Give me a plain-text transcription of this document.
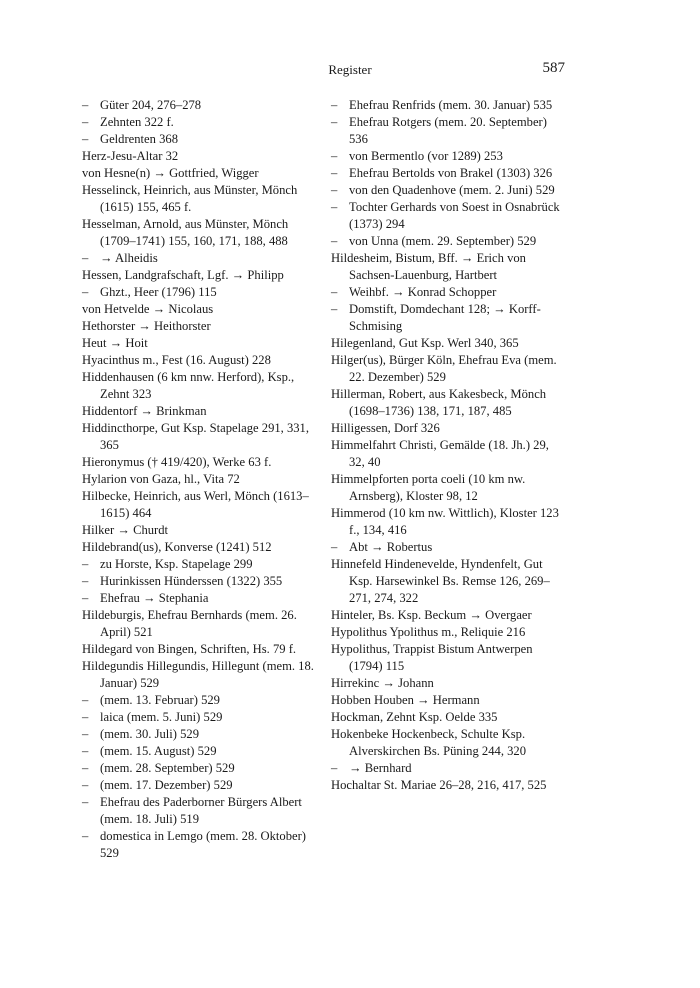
Register	587
– Güter 204, 276–278
– Zehnten 322 f.
– Geldrenten 368
Herz-Jesu-Altar 32
von Hesne(n) → Gottfried, Wigger
Hesselinck, Heinrich, aus Münster, Mönch (1615) 155, 465 f.
Hesselman, Arnold, aus Münster, Mönch (1709–1741) 155, 160, 171, 188, 488
– → Alheidis
Hessen, Landgrafschaft, Lgf. → Philipp
– Ghzt., Heer (1796) 115
von Hetvelde → Nicolaus
Hethorster → Heithorster
Heut → Hoit
Hyacinthus m., Fest (16. August) 228
Hiddenhausen (6 km nnw. Herford), Ksp., Zehnt 323
Hiddentorf → Brinkman
Hiddincthorpe, Gut Ksp. Stapelage 291, 331, 365
Hieronymus († 419/420), Werke 63 f.
Hylarion von Gaza, hl., Vita 72
Hilbecke, Heinrich, aus Werl, Mönch (1613–1615) 464
Hilker → Churdt
Hildebrand(us), Konverse (1241) 512
– zu Horste, Ksp. Stapelage 299
– Hurinkissen Hünderssen (1322) 355
– Ehefrau → Stephania
Hildeburgis, Ehefrau Bernhards (mem. 26. April) 521
Hildegard von Bingen, Schriften, Hs. 79 f.
Hildegundis Hillegundis, Hillegunt (mem. 18. Januar) 529
– (mem. 13. Februar) 529
– laica (mem. 5. Juni) 529
– (mem. 30. Juli) 529
– (mem. 15. August) 529
– (mem. 28. September) 529
– (mem. 17. Dezember) 529
– Ehefrau des Paderborner Bürgers Albert (mem. 18. Juli) 519
– domestica in Lemgo (mem. 28. Oktober) 529
– Ehefrau Renfrids (mem. 30. Januar) 535
– Ehefrau Rotgers (mem. 20. September) 536
– von Bermentlo (vor 1289) 253
– Ehefrau Bertolds von Brakel (1303) 326
– von den Quadenhove (mem. 2. Juni) 529
– Tochter Gerhards von Soest in Osnabrück (1373) 294
– von Unna (mem. 29. September) 529
Hildesheim, Bistum, Bff. → Erich von Sachsen-Lauenburg, Hartbert
– Weihbf. → Konrad Schopper
– Domstift, Domdechant 128; → Korff-Schmising
Hilegenland, Gut Ksp. Werl 340, 365
Hilger(us), Bürger Köln, Ehefrau Eva (mem. 22. Dezember) 529
Hillerman, Robert, aus Kakesbeck, Mönch (1698–1736) 138, 171, 187, 485
Hilligessen, Dorf 326
Himmelfahrt Christi, Gemälde (18. Jh.) 29, 32, 40
Himmelpforten porta coeli (10 km nw. Arnsberg), Kloster 98, 12
Himmerod (10 km nw. Wittlich), Kloster 123 f., 134, 416
– Abt → Robertus
Hinnefeld Hindenevelde, Hyndenfelt, Gut Ksp. Harsewinkel Bs. Remse 126, 269–271, 274, 322
Hinteler, Bs. Ksp. Beckum → Overgaer
Hypolithus Ypolithus m., Reliquie 216
Hypolithus, Trappist Bistum Antwerpen (1794) 115
Hirrekinc → Johann
Hobben Houben → Hermann
Hockman, Zehnt Ksp. Oelde 335
Hokenbeke Hockenbeck, Schulte Ksp. Alverskirchen Bs. Püning 244, 320
– → Bernhard
Hochaltar St. Mariae 26–28, 216, 417, 525
